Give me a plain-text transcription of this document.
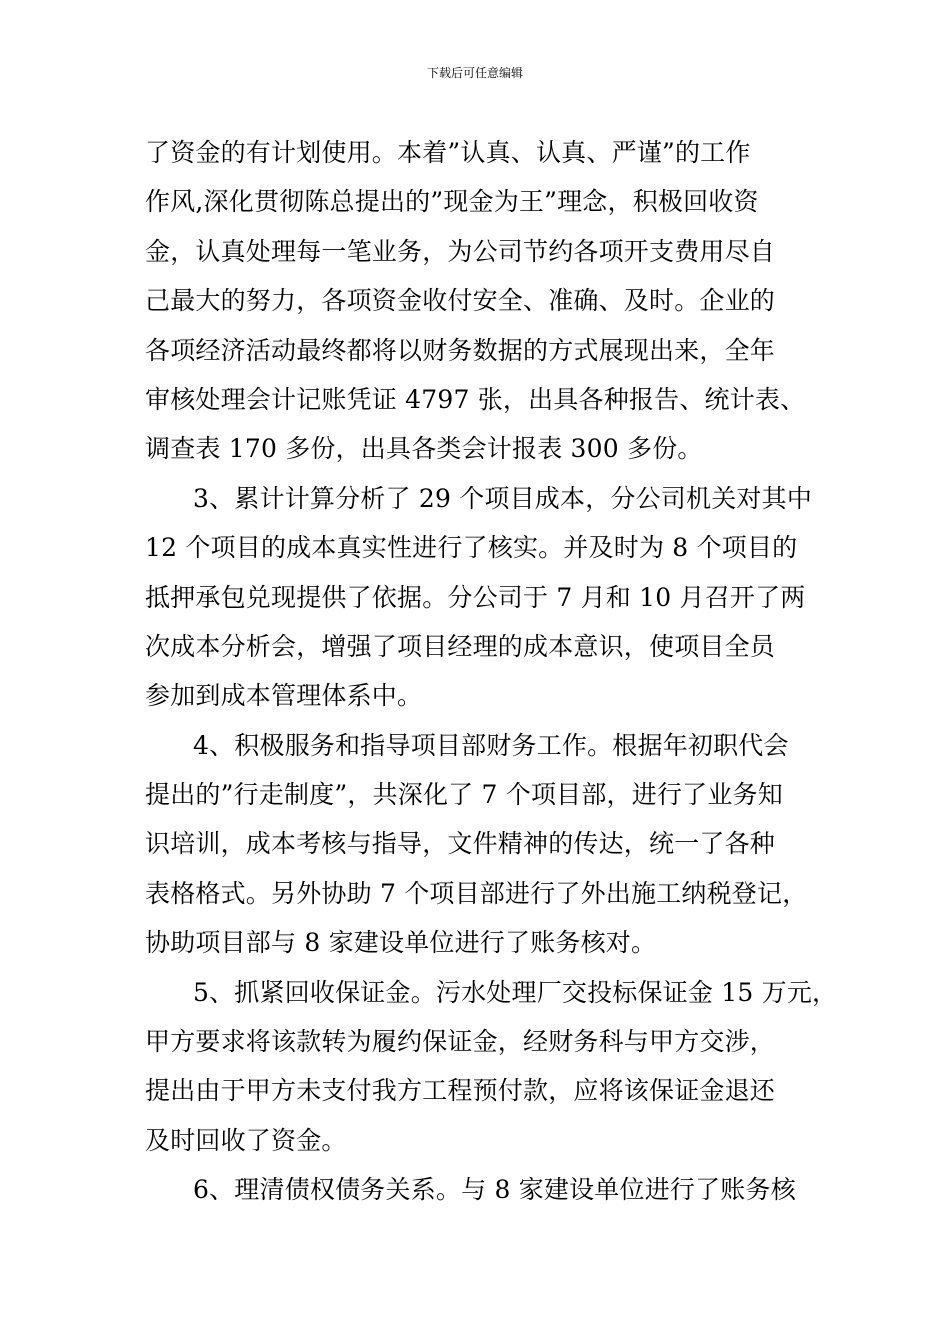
下载后可任意编辑
了资金的有计划使用。本着”认真、认真、严谨”的工作
作风,深化贯彻陈总提出的”现金为王”理念，积极回收资
金，认真处理每一笔业务，为公司节约各项开支费用尽自
己最大的努力，各项资金收付安全、准确、及时。企业的
各项经济活动最终都将以财务数据的方式展现出来，全年
审核处理会计记账凭证 4797 张，出具各种报告、统计表、
调查表 170 多份，出具各类会计报表 300 多份。
3、累计计算分析了 29 个项目成本，分公司机关对其中
12 个项目的成本真实性进行了核实。并及时为 8 个项目的
抵押承包兑现提供了依据。分公司于 7 月和 10 月召开了两
次成本分析会，增强了项目经理的成本意识，使项目全员
参加到成本管理体系中。
4、积极服务和指导项目部财务工作。根据年初职代会
提出的”行走制度”，共深化了 7 个项目部，进行了业务知
识培训，成本考核与指导，文件精神的传达，统一了各种
表格格式。另外协助 7 个项目部进行了外出施工纳税登记，
协助项目部与 8 家建设单位进行了账务核对。
5、抓紧回收保证金。污水处理厂交投标保证金 15 万元，
甲方要求将该款转为履约保证金，经财务科与甲方交涉，
提出由于甲方未支付我方工程预付款，应将该保证金退还
及时回收了资金。
6、理清债权债务关系。与 8 家建设单位进行了账务核
